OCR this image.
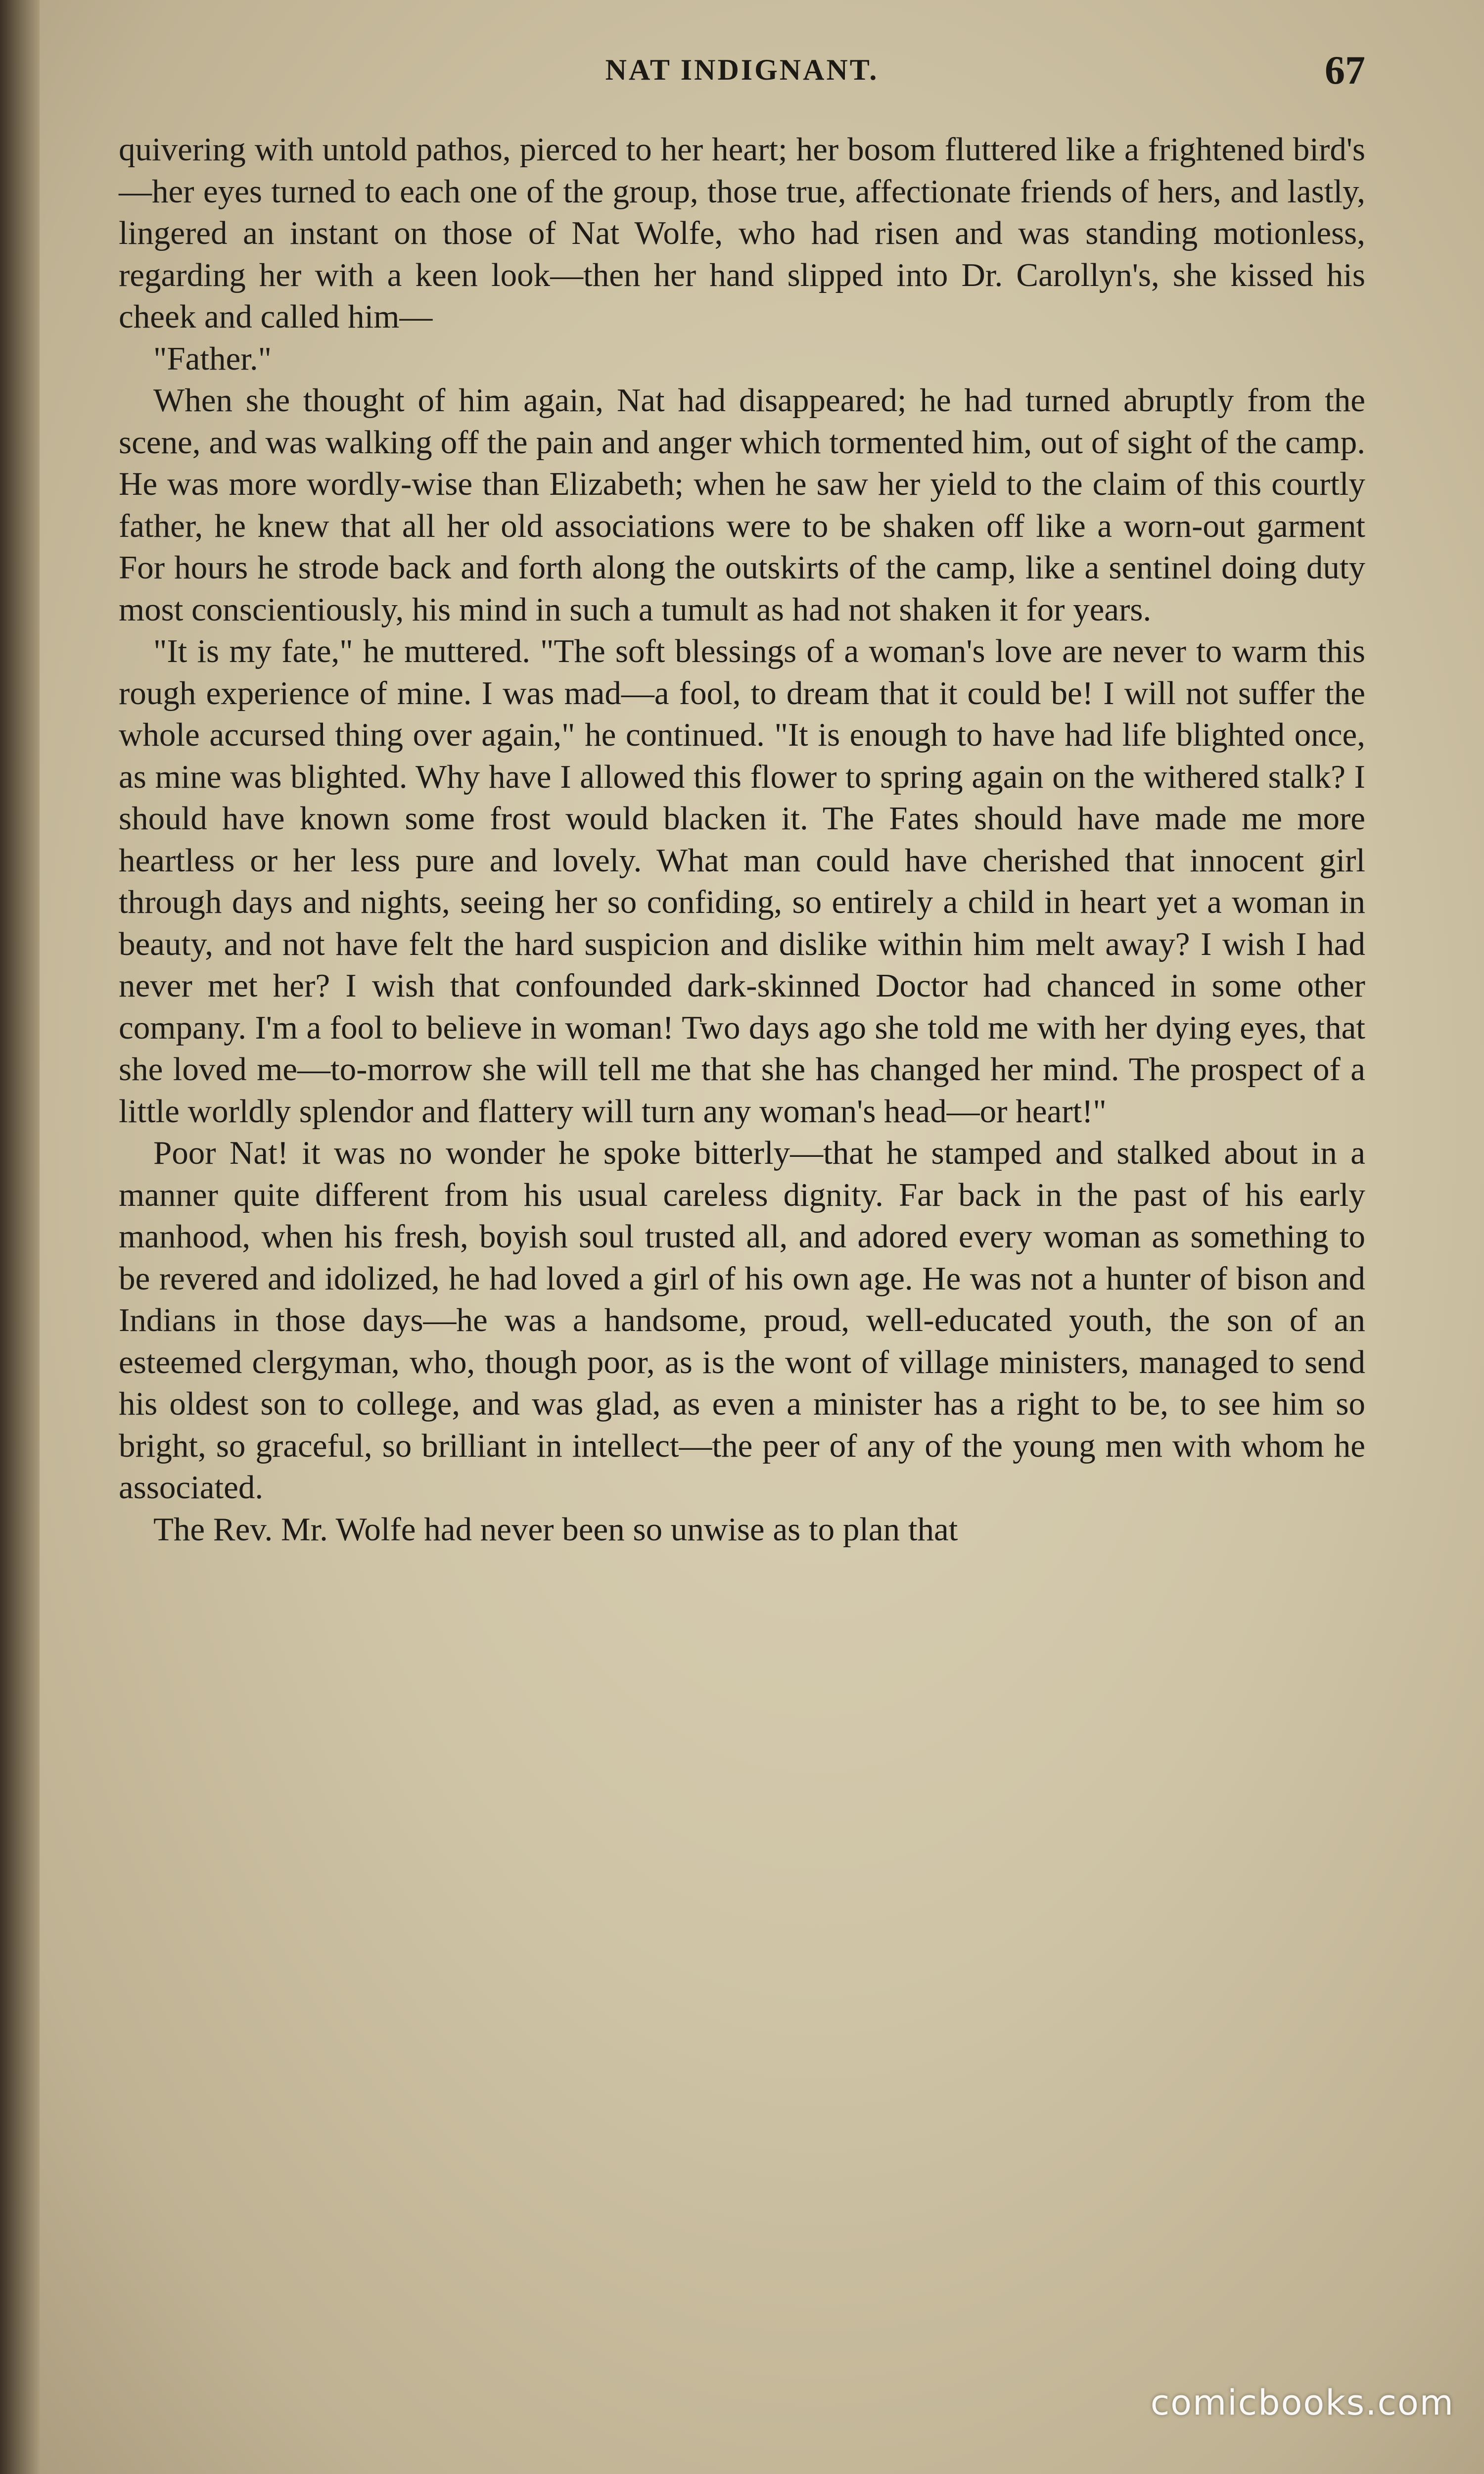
NAT INDIGNANT.	67

quivering with untold pathos, pierced to her heart; her bosom fluttered like a frightened bird's—her eyes turned to each one of the group, those true, affectionate friends of hers, and lastly, lingered an instant on those of Nat Wolfe, who had risen and was standing motionless, regarding her with a keen look—then her hand slipped into Dr. Carollyn's, she kissed his cheek and called him—

"Father."

When she thought of him again, Nat had disappeared; he had turned abruptly from the scene, and was walking off the pain and anger which tormented him, out of sight of the camp. He was more wordly-wise than Elizabeth; when he saw her yield to the claim of this courtly father, he knew that all her old associations were to be shaken off like a worn-out garment For hours he strode back and forth along the outskirts of the camp, like a sentinel doing duty most conscientiously, his mind in such a tumult as had not shaken it for years.

"It is my fate," he muttered. "The soft blessings of a woman's love are never to warm this rough experience of mine. I was mad—a fool, to dream that it could be! I will not suffer the whole accursed thing over again," he continued. "It is enough to have had life blighted once, as mine was blighted. Why have I allowed this flower to spring again on the withered stalk? I should have known some frost would blacken it. The Fates should have made me more heartless or her less pure and lovely. What man could have cherished that innocent girl through days and nights, seeing her so confiding, so entirely a child in heart yet a woman in beauty, and not have felt the hard suspicion and dislike within him melt away? I wish I had never met her? I wish that confounded dark-skinned Doctor had chanced in some other company. I'm a fool to believe in woman! Two days ago she told me with her dying eyes, that she loved me—to-morrow she will tell me that she has changed her mind. The prospect of a little worldly splendor and flattery will turn any woman's head—or heart!"

Poor Nat! it was no wonder he spoke bitterly—that he stamped and stalked about in a manner quite different from his usual careless dignity. Far back in the past of his early manhood, when his fresh, boyish soul trusted all, and adored every woman as something to be revered and idolized, he had loved a girl of his own age. He was not a hunter of bison and Indians in those days—he was a handsome, proud, well-educated youth, the son of an esteemed clergyman, who, though poor, as is the wont of village ministers, managed to send his oldest son to college, and was glad, as even a minister has a right to be, to see him so bright, so graceful, so brilliant in intellect—the peer of any of the young men with whom he associated.

The Rev. Mr. Wolfe had never been so unwise as to plan that

comicbooks.com
